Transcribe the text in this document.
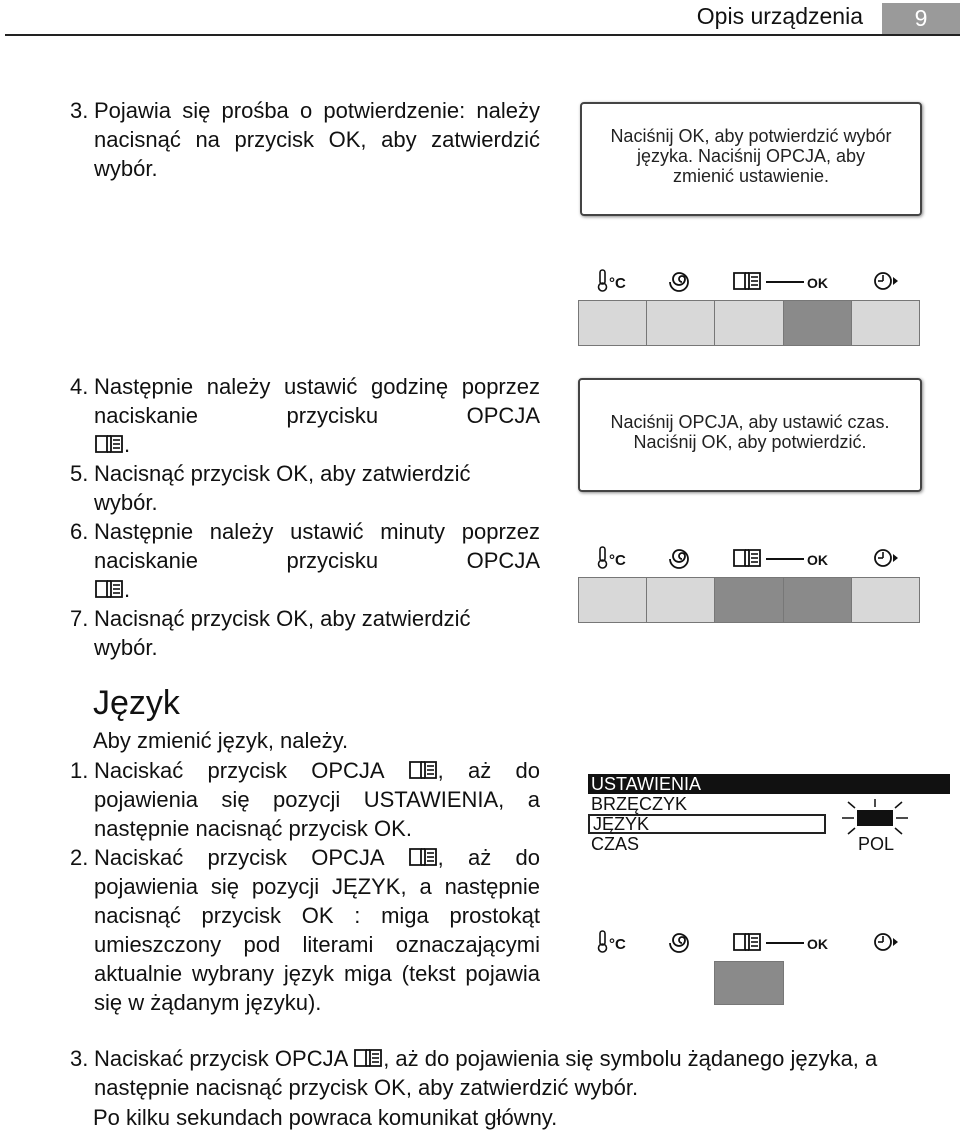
Opis urządzenia	9
3. Pojawia się prośba o potwierdzenie: należy nacisnąć na przycisk OK, aby zatwierdzić wybór.
Naciśnij OK, aby potwierdzić wybór
języka. Naciśnij OPCJA, aby
zmienić ustawienie.
°C	OK
4. Następnie należy ustawić godzinę poprzez naciskanie przycisku OPCJA
.
5. Nacisnąć przycisk OK, aby zatwierdzić wybór.
6. Następnie należy ustawić minuty poprzez naciskanie przycisku OPCJA
.
7. Nacisnąć przycisk OK, aby zatwierdzić wybór.
Naciśnij OPCJA, aby ustawić czas.
Naciśnij OK, aby potwierdzić.
°C	OK
Język
Aby zmienić język, należy.
1. Naciskać przycisk OPCJA , aż do pojawienia się pozycji USTAWIENIA, a następnie nacisnąć przycisk OK.
2. Naciskać przycisk OPCJA , aż do pojawienia się pozycji JĘZYK, a następnie nacisnąć przycisk OK : miga prostokąt umieszczony pod literami oznaczającymi aktualnie wybrany język miga (tekst pojawia się w żądanym języku).
3. Naciskać przycisk OPCJA , aż do pojawienia się symbolu żądanego języka, a następnie nacisnąć przycisk OK, aby zatwierdzić wybór.
Po kilku sekundach powraca komunikat główny.
USTAWIENIA
BRZĘCZYK
JĘZYK
CZAS	POL
°C	OK
